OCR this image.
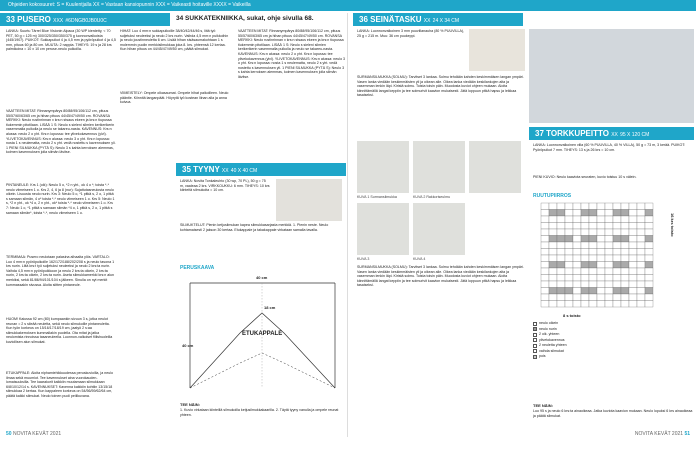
Ohjeiden kokosuuret: S = Kuulentjalla XX = Vastaan kansiopunnin XXX = Vaikeasti hoitaville XXXX = Vaikeilla
33 PUSERO XXX #6DNGB0JB0U0C
LANKA: Suurtu Tärrel Blue Visionin Alpaca (30 WP kierdetty, < 70 PET, 50 g = 125 m) 300/325/350/350/375 g luonnonvalkoista (445/1907). PUIKOT: Sukkapuikot 4 ja 4,5 mm ja pyöröpuikot 4 ja 4,5 mm, pituus 60 ja 80 cm. MUUTA: 2 nappia. TIHEYS: 19 s ja 28 krs palmikoina = 10 x 10 cm peruse-neulo puikoilla.
VAATTEEN MITAT: Rinnanympärys 80/88/95/106/112 cm, pituus 55/57/60/63/65 cm ja hihan pituus 44/45/47/49/50 cm. ROVANSA MERKKI: Neulo rustinrinnan x krs:n stsaus ekeen ja krs:n tiupussa tiukemmin pitotilaan. LISÄÄ 1 S: Neulo s sieleni silmien kerikerikerin vasemmalla puikolla ja neulo se takareu-nasta. KAVENNUS: Krs:n alussa: neulo 2 o yht. Krs:n lopussa: tee ylivekokavennus (ylvl). YLIVETOKAVENNUS: Krs:n alussa: neulo 3 o yht. Krs:n lopussa: nosta 1 s neulematta, neulo 2 s yht. vedä nostettu s kavennuksen yli. 1 PIENI SILMUKKA (PYTÄ S): Neulo 3 s kahta kerroksen alemmas, kolmen kavennuksen jolla silmän lävitse.
PINTANEULE: Krs 1 (oik): Neulo 5 o, *2 n yht., ok 4 o *; toista *-* neulo viimeiseen 1 o. Krs 2, 4, 6 ja 8 (nur): Sujattutasneulosta neulo oikein. Lisuusta neulo nurin. Krs 3: Neulo 5 o, *1 pitkä s, 2 o, 1 pitkä s samaan silmän, 4 o* toista *-* neulo viimeiseen 1 o. Krs 5: Neulo 1 s, *2 n yht., ok *4 o, 2 n yht., ok* toista *-* neulo viimeiseen 1 o. Krs 7: Neulo 1 o, *1 pitkä s samaan silmän *4 o, 1 pitkä s, 2 o, 1 pitkä s samaan silmän*, toista *-*, neulo viimeiseen 1 o.
TERMIMAA: Pusero neulotaan palasina alhaalta ylös. VARTALO: Luo 4 mm:n pyöröpuikoille 162/172/188/202/208 s ja neulo tasona 1 krs nurin. Liitä krs:t työ suljetuksi neuleeksi ja neulo 2 krs:ta nurin. Vaihda 4,5 mm:n pyöröpuikkoon ja neulo 2 krs:ta oikein, 2 krs:ta nurin, 2 krs:ta oikein, 2 krs:ta nurin. Aseta silmukkamerkki krs:n alun merkiksi, sekä 81/86/94/101/104 s jälkeen. Sinulla on nyt merkit kummassakin sivussa. Aloita siitten pintaneule.
HUOM! Kaiussa 92 cm (80) kumpaankin sivuun 3 s, jotka neulot reunan = 2 s sileää neuletta, sekä neulo silmukoille pintaneuletta. Kun työn korkeus on 15/16/17/18/19 cm, jaatyö 2 s:aa silmukkakerroksen kummallakin puolella. Ota mitat ja jatka neulomista rinnoissa tasaneuleella. Luonnon-valkoiset fiilishuoleilla kuviollisen alun silmukat.
ETUKAPPALE: Aloita niphamiehikkuudessa peruskuvioilla, ja neulo ilmaa sekä muumiot. Tee kavennukset aina vuorokauden-lomaisuuksilla. Tee kaarakorit kaikkiin muutamaan silmukkaan 6/8/10/12/14 s. KAVENNUKSET: Kavenna kaikkiin kohtiin 13/15/18 silmukkaa 2 kertaa. Kun kappaleen korkeus on 54/56/59/62/64 cm, päätä kaikki silmukat. Neulo toinen puoli peilikuvana.
HIHAT: Luo 4 mm:n sukkapuikoille 38/40/42/44/46 s, liitä työ suljetuksi neuleeksi ja neulo 2 krs nurin. Vaihda 4,5 mm:n puikkoihin ja neulo joustinneuletta 6 cm. Lisää hihan sisäsaumakohtaan 1 s molemmin puolin merkkisilmukkaa joka 8. krs. yhteensä 12 kertaa. Kun hihan pituus on 44/45/47/49/50 cm, päätä silmukat.
VIIMEISTELY: Ompele olkasaumat. Ompele hihat paikoilleen. Neulo pääntie. Kiinnitä langanpäät. Höyrytä työ kostean liinan alla ja anna kuivua.
34 SUKKATEKNIIKKA, sukat, ohje sivulla 68.
VAATTEEN MITAT: Rinnanympärys 80/88/95/106/112 cm, pituus 55/57/60/63/65 cm ja hihan pituus 44/45/47/49/50 cm. ROVANSA MERKKI: Neulo rustinrinnan x krs:n stsaus ekeen ja krs:n tiupussa tiukemmin pitotilaan. LISÄÄ 1 S: Neulo s sieleni silmien kerikerikerin vasemmalla puikolla ja neulo se takareu-nasta. KAVENNUS: Krs:n alussa: neulo 2 o yht. Krs:n lopussa: tee ylivekokavennus (ylvl). YLIVETOKAVENNUS: Krs:n alussa: neulo 3 o yht. Krs:n lopussa: nosta 1 s neulematta, neulo 2 s yht. vedä nostettu s kavennuksen yli. 1 PIENI SILMUKKA (PYTÄ S): Neulo 3 s kahta kerroksen alemmas, kolmen kavennuksen jolla silmän lävitse.
35 TYYNY XX 40 X 40 CM
LANKA: Novita Tonkaleuhto (30 wp, 70 PL), 50 g = 75 m, vaaleaa 2 krs. VIRKKOUKKU: 6 mm. TIHEYS: 10 krs kiinteitä silmukoita = 10 cm.
SILMUKTELUT: Pienin ketjusilmukan kapea silmukkasarjasta merkkiä. 1. Pienin neste. Neulo kohtamaisesti 2 jakson 30 kertaa. Etukappale ja takakappale virkataan samalla tavalla.
PERUSKAAVA
ETUKAPPALE
40 cm
40 cm
18 cm
TEE NÄIN:
1. Kuvio virkataan kiinteillä silmukoilla ketjusilmukkakaarilla. 2. Täytä tyyny vanulla ja ompele reunat yhteen.
50 NOVITA KEVÄT 2021
36 SEINÄTASKU XX 24 X 34 CM
LANKA: Luonnonvalkoinen 3 mm puuvillanauha (80 % PUUVILLA), 25 g = 215 m. Muu: 36 cm puukeppi.
SURMANSILMUKKA (SOLMU): Tarvitset 3 lankaa. Solmu tehdään kahden keskimmäisen langan ympäri. Vasen lanka viedään keskimmäisten yli ja oikean alle. Oikea lanka viedään keskilankojen alta ja vasemman lenkin läpi. Kiristä solmu. Toista toisin päin. Muodosta kuviot ohjeen mukaan. Aloita kiinnittämällä langat keppiin ja tee solmurivit kaavion mukaisesti. Jätä loppuun pitkä hapsu ja leikkaa tasaiseksi.
KUVA 1 Surmansilmukka	KUVA 2 Rakkoriseulmu
KUVA 3	KUVA 4
SURMANSILMUKKA (SOLMU): Tarvitset 3 lankaa. Solmu tehdään kahden keskimmäisen langan ympäri. Vasen lanka viedään keskimmäisten yli ja oikean alle. Oikea lanka viedään keskilankojen alta ja vasemman lenkin läpi. Kiristä solmu. Toista toisin päin. Muodosta kuviot ohjeen mukaan. Aloita kiinnittämällä langat keppiin ja tee solmurivit kaavion mukaisesti. Jätä loppuun pitkä hapsu ja leikkaa tasaiseksi.
37 TORKKUPEITTO XX 95 X 120 CM
LANKA: Luonnonvalkoinen villa (60 % PUUVILLA, 40 % VILLA), 50 g = 73 m, 3 kerää. PUIKOT: Pyöröpuikot 7 mm. TIHEYS: 13 s ja 26 krs = 10 cm.
PIENI KUVIO: Neulo kaaviota seuraten, kuvio toistuu 10 s välein.
RUUTUPIIRROS
16 krs toisto
8 s toisto
neulo oikein
neulo nurin
2 oik. yhteen
ylivetokavennus
2 neuletta yhteen
vaihda silmukat
pois
TEE NÄIN:
Luo 95 s ja neulo 6 krs:ta ainaoikeaa. Jatka kuviota kaavion mukaan. Neulo lopuksi 6 krs ainaoikeaa ja päätä silmukat.
NOVITA KEVÄT 2021 51
